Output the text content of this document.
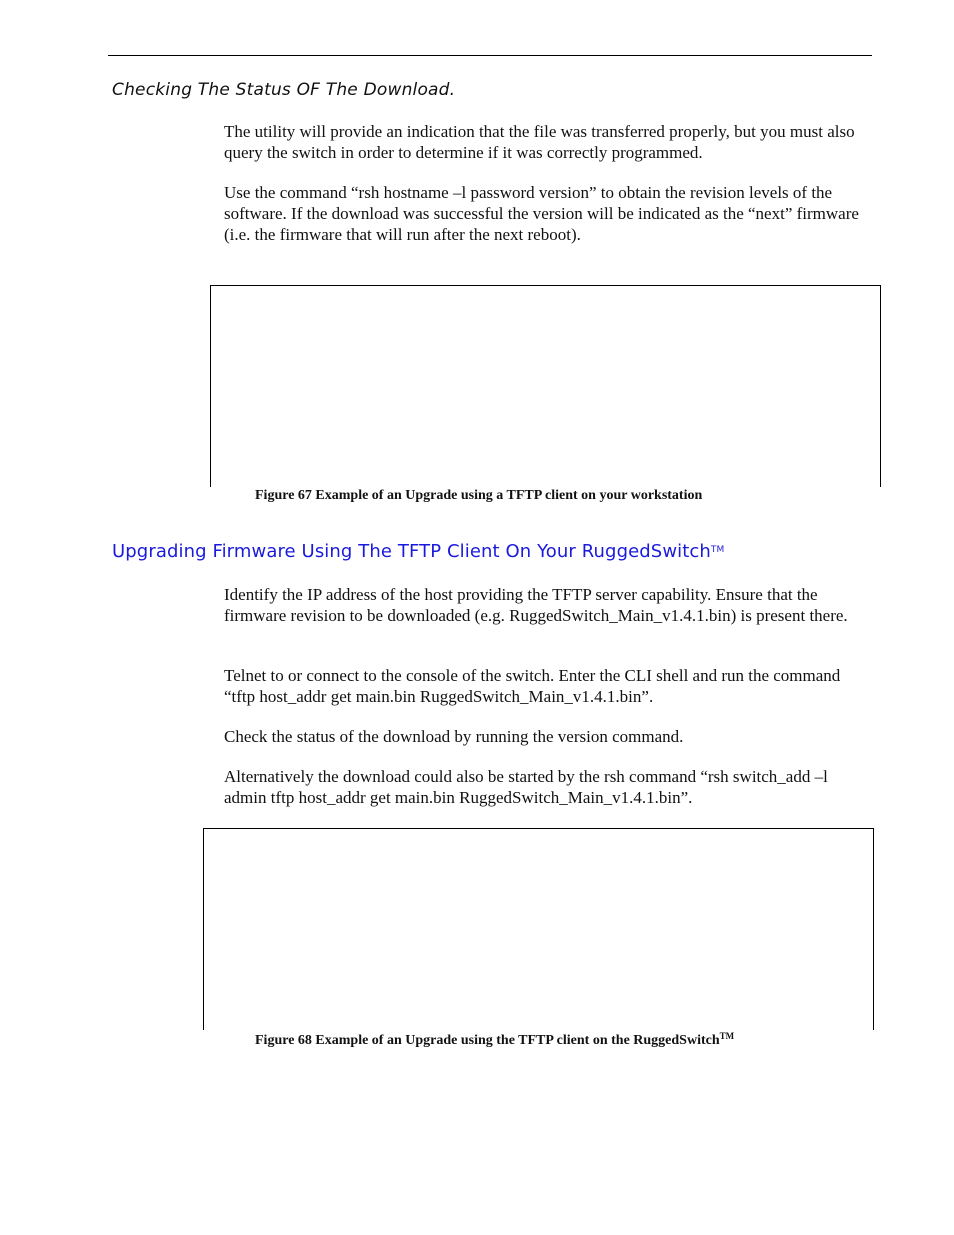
Checking The Status OF The Download.

The utility will provide an indication that the file was transferred properly, but you must also query the switch in order to determine if it was correctly programmed.

Use the command “rsh hostname –l password version” to obtain the revision levels of the software. If the download was successful the version will be indicated as the “next” firmware (i.e. the firmware that will run after the next reboot).

Figure 67 Example of an Upgrade using a TFTP client on your workstation

Upgrading Firmware Using The TFTP Client On Your RuggedSwitch™

Identify the IP address of the host providing the TFTP server capability. Ensure that the firmware revision to be downloaded (e.g. RuggedSwitch_Main_v1.4.1.bin) is present there.

Telnet to or connect to the console of the switch. Enter the CLI shell and run the command “tftp host_addr get main.bin RuggedSwitch_Main_v1.4.1.bin”.

Check the status of the download by running the version command.

Alternatively the download could also be started by the rsh command “rsh switch_add –l admin tftp host_addr get main.bin RuggedSwitch_Main_v1.4.1.bin”.

Figure 68 Example of an Upgrade using the TFTP client on the RuggedSwitch™
